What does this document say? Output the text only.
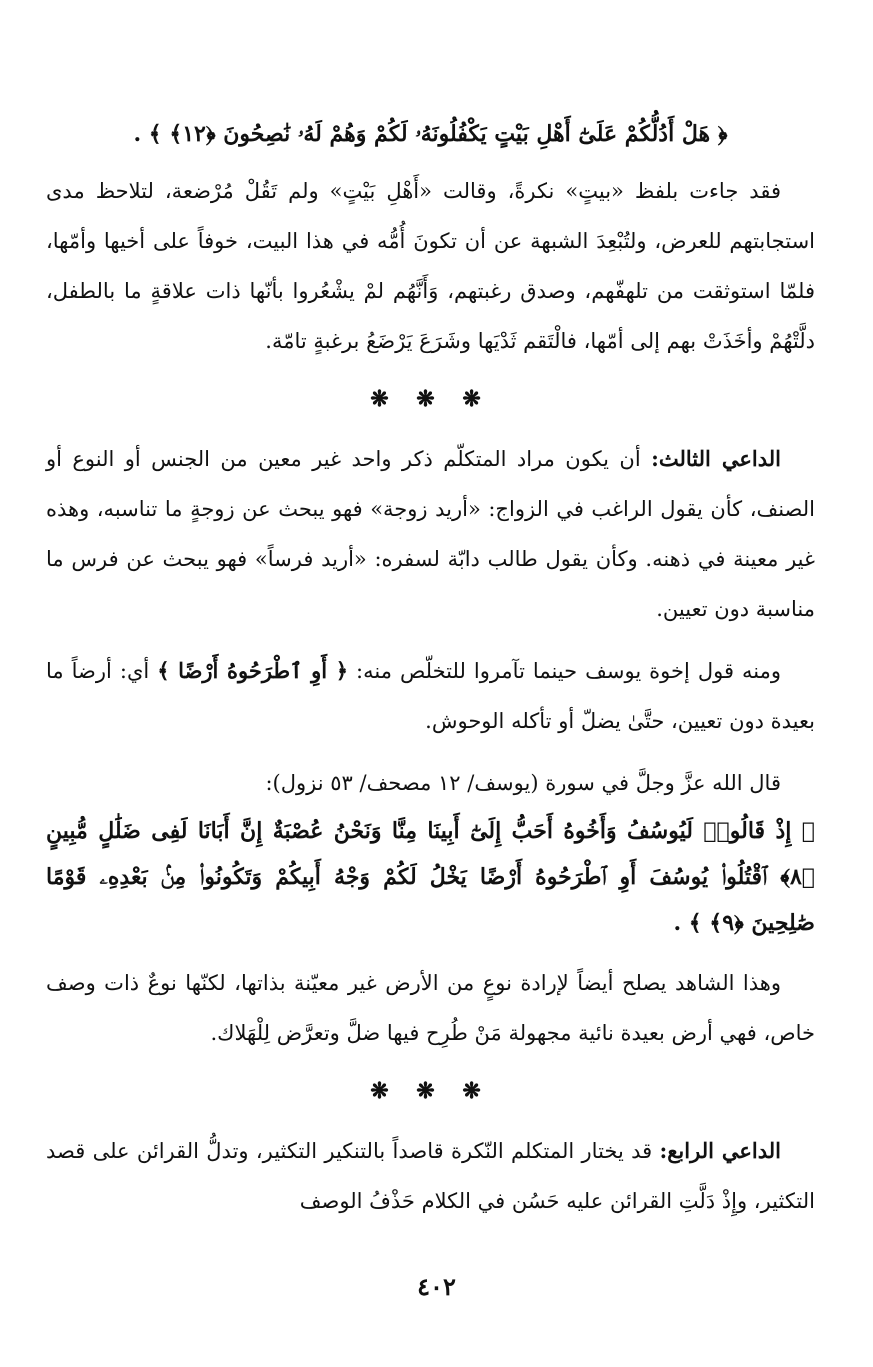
﴿ هَلْ أَدُلُّكُمْ عَلَىٰٓ أَهْلِ بَيْتٍ يَكْفُلُونَهُۥ لَكُمْ وَهُمْ لَهُۥ نَٰصِحُونَ ﴿١٢﴾ ﴾ .

فقد جاءت بلفظ «بيتٍ» نكرةً، وقالت «أَهْلِ بَيْتٍ» ولم تَقُلْ مُرْضعة، لتلاحظ مدى استجابتهم للعرض، ولتُبْعِدَ الشبهة عن أن تكونَ أُمُّه في هذا البيت، خوفاً على أخيها وأمّها، فلمّا استوثقت من تلهفّهم، وصدق رغبتهم، وَأَنَّهُم لمْ يشْعُروا بأنّها ذات علاقةٍ ما بالطفل، دلَّتْهُمْ وأخَذَتْ بهم إلى أمّها، فالْتَقم ثَدْيَها وشَرَعَ يَرْضَعُ برغبةٍ تامّة.

❋ ❋ ❋

الداعي الثالث: أن يكون مراد المتكلّم ذكر واحد غير معين من الجنس أو النوع أو الصنف، كأن يقول الراغب في الزواج: «أريد زوجة» فهو يبحث عن زوجةٍ ما تناسبه، وهذه غير معينة في ذهنه. وكأن يقول طالب دابّة لسفره: «أريد فرساً» فهو يبحث عن فرس ما مناسبة دون تعيين.

ومنه قول إخوة يوسف حينما تآمروا للتخلّص منه: ﴿ أَوِ ٱطْرَحُوهُ أَرْضًا ﴾ أي: أرضاً ما بعيدة دون تعيين، حتَّىٰ يضلّ أو تأكله الوحوش.

قال الله عزَّ وجلَّ في سورة (يوسف/ ١٢ مصحف/ ٥٣ نزول):

﴿ إِذْ قَالُوا۟ لَيُوسُفُ وَأَخُوهُ أَحَبُّ إِلَىٰٓ أَبِينَا مِنَّا وَنَحْنُ عُصْبَةٌ إِنَّ أَبَانَا لَفِى ضَلَٰلٍ مُّبِينٍ ﴿٨﴾ ٱقْتُلُوا۟ يُوسُفَ أَوِ ٱطْرَحُوهُ أَرْضًا يَخْلُ لَكُمْ وَجْهُ أَبِيكُمْ وَتَكُونُوا۟ مِنۢ بَعْدِهِۦ قَوْمًا صَٰلِحِينَ ﴿٩﴾ ﴾ .

وهذا الشاهد يصلح أيضاً لإرادة نوعٍ من الأرض غير معيّنة بذاتها، لكنّها نوعٌ ذات وصف خاص، فهي أرض بعيدة نائية مجهولة مَنْ طُرِح فيها ضلَّ وتعرَّض لِلْهَلاك.

❋ ❋ ❋

الداعي الرابع: قد يختار المتكلم النّكرة قاصداً بالتنكير التكثير، وتدلُّ القرائن على قصد التكثير، وإِذْ دَلَّتِ القرائن عليه حَسُن في الكلام حَذْفُ الوصف

٤٠٢
